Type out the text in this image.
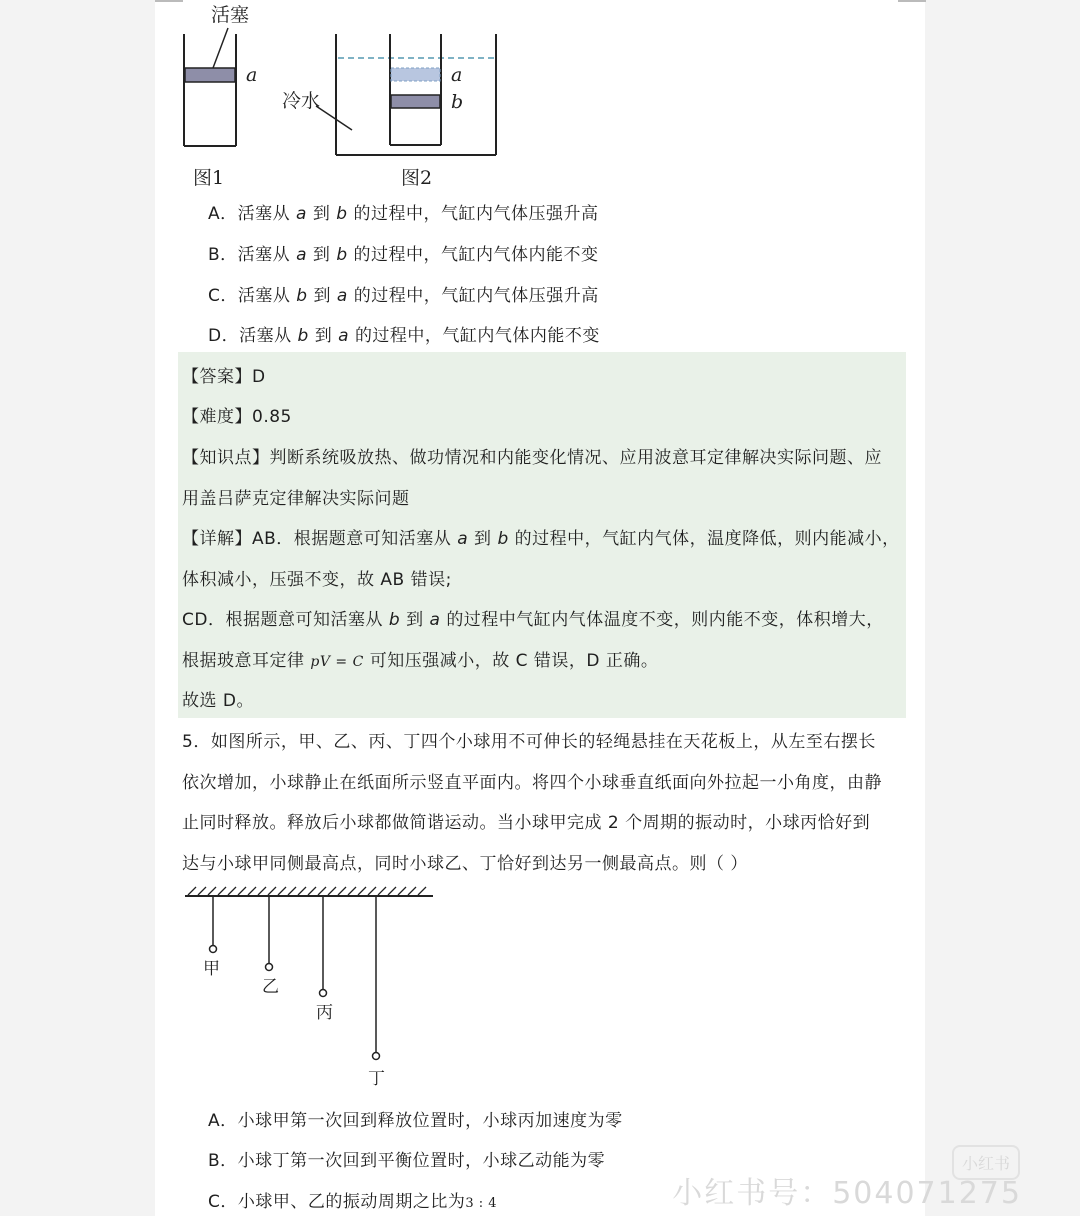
活塞
a	a
b
冷水
图1	图2
A．活塞从 a 到 b 的过程中，气缸内气体压强升高
B．活塞从 a 到 b 的过程中，气缸内气体内能不变
C．活塞从 b 到 a 的过程中，气缸内气体压强升高
D．活塞从 b 到 a 的过程中，气缸内气体内能不变
【答案】D
【难度】0.85
【知识点】判断系统吸放热、做功情况和内能变化情况、应用波意耳定律解决实际问题、应
用盖吕萨克定律解决实际问题
【详解】AB．根据题意可知活塞从 a 到 b 的过程中，气缸内气体，温度降低，则内能减小，
体积减小，压强不变，故 AB 错误;
CD．根据题意可知活塞从 b 到 a 的过程中气缸内气体温度不变，则内能不变，体积增大，
根据玻意耳定律 pV = C 可知压强减小，故 C 错误，D 正确。
故选 D。
5．如图所示，甲、乙、丙、丁四个小球用不可伸长的轻绳悬挂在天花板上，从左至右摆长
依次增加，小球静止在纸面所示竖直平面内。将四个小球垂直纸面向外拉起一小角度，由静
止同时释放。释放后小球都做简谐运动。当小球甲完成 2 个周期的振动时，小球丙恰好到
达与小球甲同侧最高点，同时小球乙、丁恰好到达另一侧最高点。则（ ）
甲
乙
丙
丁
A．小球甲第一次回到释放位置时，小球丙加速度为零
B．小球丁第一次回到平衡位置时，小球乙动能为零
C．小球甲、乙的振动周期之比为3 : 4
小红书
小红书号：504071275
